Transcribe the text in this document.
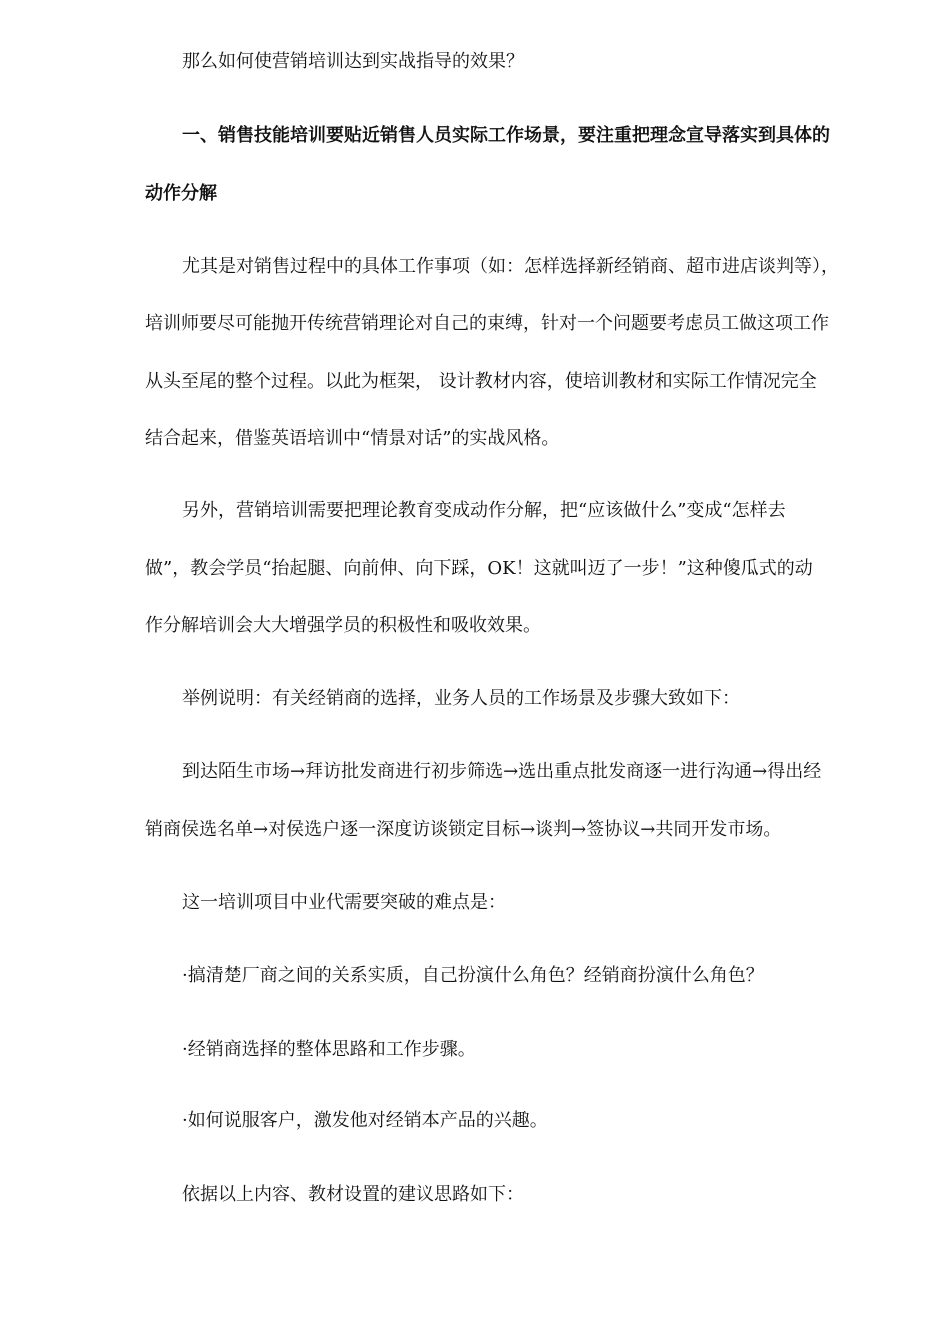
那么如何使营销培训达到实战指导的效果？
一、销售技能培训要贴近销售人员实际工作场景，要注重把理念宣导落实到具体的
动作分解
尤其是对销售过程中的具体工作事项（如：怎样选择新经销商、超市进店谈判等），
培训师要尽可能抛开传统营销理论对自己的束缚，针对一个问题要考虑员工做这项工作
从头至尾的整个过程。以此为框架， 设计教材内容，使培训教材和实际工作情况完全
结合起来，借鉴英语培训中“情景对话”的实战风格。
另外，营销培训需要把理论教育变成动作分解，把“应该做什么”变成“怎样去
做”，教会学员“抬起腿、向前伸、向下踩，OK！这就叫迈了一步！”这种傻瓜式的动
作分解培训会大大增强学员的积极性和吸收效果。
举例说明：有关经销商的选择，业务人员的工作场景及步骤大致如下：
到达陌生市场→拜访批发商进行初步筛选→选出重点批发商逐一进行沟通→得出经
销商侯选名单→对侯选户逐一深度访谈锁定目标→谈判→签协议→共同开发市场。
这一培训项目中业代需要突破的难点是：
·搞清楚厂商之间的关系实质，自己扮演什么角色？经销商扮演什么角色？
·经销商选择的整体思路和工作步骤。
·如何说服客户，激发他对经销本产品的兴趣。
依据以上内容、教材设置的建议思路如下：
